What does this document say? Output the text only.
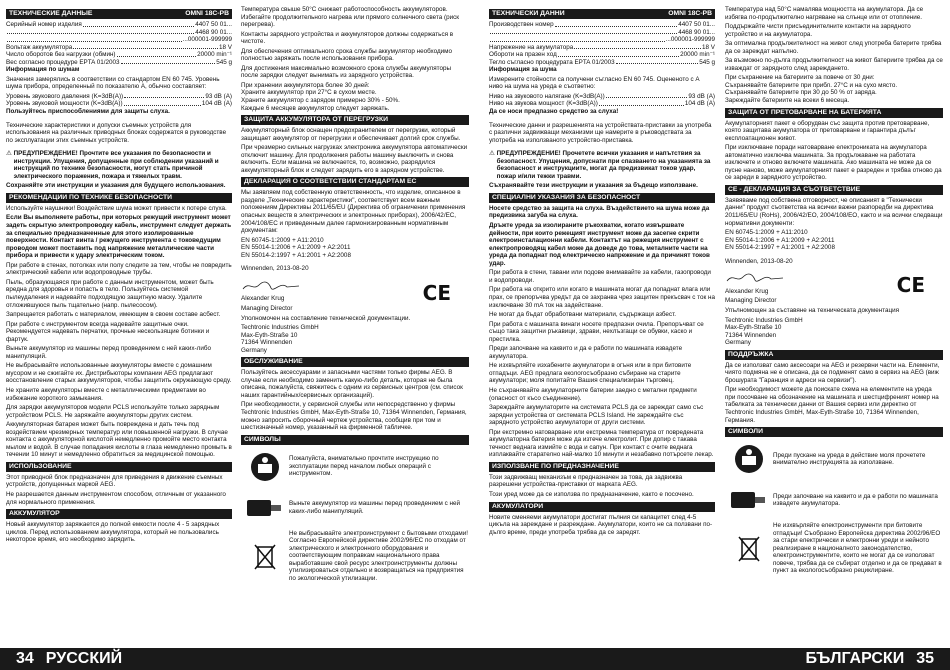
ТЕХНИЧЕСКИЕ ДАННЫЕ	OMNI 18C-PB
Серийный номер изделия	4407 50 01...
4468 90 01...
...000001-999999
Вольтаж аккумулятора	18 V
Число оборотов без нагрузки (обмин)	20000 min⁻¹
Вес согласно процедуре EPTA 01/2003	545 g

Информация по шумам

Значения замерялись в соответствии со стандартом EN 60 745. Уровень шума прибора, определенный по показателю А, обычно составляет:

Уровень звукового давления (K=3dB(A))	93 dB (A)
Уровень звуковой мощности (K=3dB(A))	104 dB (A)

Пользуйтесь приспособлениями для защиты слуха.

Технические характеристики и допуски съемных устройств для использования на различных приводных блоках содержатся в руководстве по эксплуатации этих съемных устройств.

⚠ ПРЕДУПРЕЖДЕНИЕ! Прочтите все указания по безопасности и инструкции. Упущения, допущенные при соблюдении указаний и инструкций по технике безопасности, могут стать причиной электрического поражения, пожара и тяжелых травм.

Сохраняйте эти инструкции и указания для будущего использования.

РЕКОМЕНДАЦИИ ПО ТЕХНИКЕ БЕЗОПАСНОСТИ

Используйте наушники! Воздействие шума может привести к потере слуха.

Если Вы выполняете работы, при которых режущий инструмент может задеть скрытую электропроводку кабель, инструмент следует держать за специально предназначенные для этого изолированные поверхности. Контакт винта / режущего инструмента с токоведущим проводом может поставить под напряжение металлические части прибора и привести к удару электрическим током.

При работе в стенах, потолках или полу следите за тем, чтобы не повредить электрический кабели или водопроводные трубы.

Пыль, образующаяся при работе с данным инструментом, может быть вредна для здоровья и попасть в тело. Пользуйтесь системой пылеудаления и надевайте подходящую защитную маску. Удалите отложившуюся пыль тщательно (напр. пылесосом).

Запрещается работать с материалом, имеющим в своем составе асбест.

При работе с инструментом всегда надевайте защитные очки. Рекомендуется надевать перчатки, прочные нескользящие ботинки и фартук.

Выньте аккумулятор из машины перед проведением с ней каких-либо манипуляций.

Не выбрасывайте использованные аккумуляторы вместе с домашним мусором и не сжигайте их. Дистрибьюторы компании AEG предлагают восстановление старых аккумуляторов, чтобы защитить окружающую среду.

Не храните аккумуляторы вместе с металлическими предметами во избежание короткого замыкания.

Для зарядки аккумуляторов модели PCLS используйте только зарядным устройством PCLS. Не заряжайте аккумуляторы других систем.

Аккумуляторная батарея может быть повреждена и дать течь под воздействием чрезмерных температур или повышенной нагрузки. В случае контакта с аккумуляторной кислотой немедленно промойте место контакта мылом и водой. В случае попадания кислоты в глаза немедленно промыть в течении 10 минут и немедленно обратиться за медицинской помощью.

ИСПОЛЬЗОВАНИЕ

Этот приводной блок предназначен для приведения в движение съемных устройств, допущенных маркой AEG.

Не разрешается данным инструментом способом, отличным от указанного для нормального применения.

АККУМУЛЯТОР

Новый аккумулятор заряжается до полной емкости после 4 - 5 зарядных циклов. Перед использованием аккумулятора, который не пользовались некоторое время, его необходимо зарядить.

Температура свыше 50°C снижает работоспособность аккумуляторов. Избегайте продолжительного нагрева или прямого солнечного света (риск перегрева).

Контакты зарядного устройства и аккумуляторов должны содержаться в чистоте.

Для обеспечения оптимального срока службы аккумулятор необходимо полностью заряжать после использования прибора.

Для достижения максимально возможного срока службы аккумуляторы после зарядки следует вынимать из зарядного устройства.

При хранении аккумулятора более 30 дней:
Храните аккумулятор при 27°C в сухом месте.
Храните аккумулятор с зарядом примерно 30% - 50%.
Каждые 6 месяцев аккумулятор следует заряжать.

ЗАЩИТА АККУМУЛЯТОРА ОТ ПЕРЕГРУЗКИ

Аккумуляторный блок оснащен предохранителем от перегрузки, который защищает аккумулятор от перегрузки и обеспечивает долгий срок службы.

При чрезмерно сильных нагрузках электроника аккумулятора автоматически отключит машину. Для продолжения работы машину выключить и снова включить. Если машина не включается, то, возможно, разрядился аккумуляторный блок и следует зарядить его в зарядном устройстве.

ДЕКЛАРАЦИЯ О СООТВЕТСТВИИ СТАНДАРТАМ ЕС

Мы заявляем под собственную ответственность, что изделие, описанное в разделе „Технические характеристики", соответствует всем важным положениям Директивы 2011/65/EU (Директива об ограничении применения опасных веществ в электрических и электронных приборах), 2006/42/EC, 2004/108/EC и приведенным далее гармонизированным нормативным документам:

EN 60745-1:2009 + A11:2010
EN 55014-1:2006 + A1:2009 + A2:2011
EN 55014-2:1997 + A1:2001 + A2:2008

Winnenden, 2013-08-20

Alexander Krug

Managing Director

CE

Уполномочен на составление технической документации.

Techtronic Industries GmbH
Max-Eyth-Straße 10
71364 Winnenden
Germany

ОБСЛУЖИВАНИЕ

Пользуйтесь аксессуарами и запасными частями только фирмы AEG. В случае если необходимо заменить какую-либо деталь, которая не была описана, пожалуйста, свяжитесь с одним из сервисных центров (см. список наших гарантийных/сервисных организаций).

При необходимости, у сервисной службы или непосредственно у фирмы Techtronic Industries GmbH, Max-Eyth-Straße 10, 71364 Winnenden, Германия, можно запросить сборочный чертеж устройства, сообщив при том и шестизначный номер, указанный на фирменной табличке.

СИМВОЛЫ
Пожалуйста, внимательно прочтите инструкцию по эксплуатации перед началом любых операций с инструментом.
Выньте аккумулятор из машины перед проведением с ней каких-либо манипуляций.
Не выбрасывайте электроинструмент с бытовыми отходами! Согласно Европейской директиве 2002/96/EC по отходам от электрического и электронного оборудования и соответствующим поправкам национального права выработавшие свой ресурс электроинструменты должны утилизироваться отдельно и возвращаться на предприятия по экологической утилизации.
34 РУССКИЙ
ТЕХНИЧЕСКИ ДАННИ	OMNI 18C-PB
Производствен номер	4407 50 01...
4468 90 01...
...000001-999999
Напрежение на акумулатора	18 V
Обороти на празен ход	20000 min⁻¹
Тегло съгласно процедурата EPTA 01/2003	545 g

Информация за шума

Измерените стойности са получени съгласно EN 60 745. Оцененото с А ниво на шума на уреда е съответно:

Ниво на звуковото налягане (K=3dB(A))	93 dB (A)
Ниво на звукова мощност (K=3dB(A))	104 dB (A)

Да се носи предпазно средство за слуха!

Технические данни и разрешенията на устройствата-приставки за употреба с различни задвижващи механизми ще намерите в ръководствата за употреба на използваното устройство-приставка.

⚠ ПРЕДУПРЕЖДЕНИЕ! Прочетете всички указания и напътствия за безопасност. Упущения, допуснати при спазването на указанията за безопасност и инструкциите, могат да предизвикат токов удар, пожар и/или тежки травми.

Съхранявайте тези инструкции и указания за бъдещо използване.

СПЕЦИАЛНИ УКАЗАНИЯ ЗА БЕЗОПАСНОСТ

Носете средство за защита на слуха. Въздействието на шума може да предизвика загуба на слуха.

Дръжте уреда за изолираните ръкохватки, когато извършвате дейности, при които режещият инструмент може да засегне скрити електроинсталационни кабели. Контактът на режещия инструмент с електропроводящ кабел може да доведе до това, металните части на уреда да попаднат под електрическо напрежение и да причинят токов удар.

При работа в стени, тавани или подове внимавайте за кабели, газопроводи и водопроводи.

При работа на открито или когато в машината могат да попаднат влага или прах, се препоръчва уредът да се захранва чрез защитен прекъсвач с ток на изключване 30 mA ток на задействане.

Не могат да бъдат обработвани материали, съдържащи азбест.

При работа с машината винаги носете предпазни очила. Препоръчват се също така защитни ръкавици, здрави, нехлъзгащи се обувки, каско и престилка.

Преди започване на каквито и да е работи по машината извадете акумулатора.

Не изхвърляйте изхабените акумулатори в огъня или в при битовите отпадъци. AEG предлага екологосъобразно събиране на старите акумулатори; моля попитайте Вашия специализиран търговец.

Не съхранявайте акумулаторните батерии заедно с метални предмети (опасност от късо съединение).

Зареждайте акумулаторите на системата PCLS да се зареждат само със зарядни устройства от системата PCLS Island. Не зареждайте със зарядното устройство акумулатори от други системи.

При екстремно натоварване или екстремна температура от повредената акумулаторна батерия може да изтече електролит. При допир с такава течност веднага измийте с вода и сапун. При контакт с очите веднага изплаквайте старателно най-малко 10 минути и незабавно потърсете лекар.

ИЗПОЛЗВАНЕ ПО ПРЕДНАЗНАЧЕНИЕ

Този задвижващ механизъм е предназначен за това, да задвижва разрешени устройства-приставки от марката AEG.

Този уред може да се използва по предназначение, както е посочено.

АКУМУЛАТОРИ

Новите сменяеми акумулатори достигат пълния си капацитет след 4-5 цикъла на зареждане и разреждане. Акумулатори, които не са ползвани по-дълго време, преди употреба трябва да се заредят.

Температура над 50°C намалява мощността на акумулатора. Да се избягва по-продължително нагряване на слънце или от отопление.

Поддържайте чисти присъединителните контакти на зарядното устройство и на акумулатора.

За оптимална продължителност на живот след употреба батерите трябва да се зареждат напълно.

За възможно по-дълга продължителност на живот батериите трябва да се изваждат от зарядното след зареждането.

При съхранение на батериите за повече от 30 дни:
Съхранявайте батериите при прибл. 27°C и на сухо място.
Съхранявайте батериите при 30 до 50 % от заряда.
Зареждайте батериите на всеки 6 месеца.

ЗАЩИТА ОТ ПРЕТОВАРВАНЕ НА БАТЕРИЯТА

Акумулаторният пакет е оборудван със защита против претоварване, която защитава акумулатора от претоварване и гарантира дълъг експлоатационен живот.

При изключване поради натоварване електрониката на акумулатора автоматично изключва машината. За продължаване на работата изключете и отново включете машината. Ако машината не може да се пусне наново, може акумулаторният пакет е разреден и трябва отново да се зареди в зарядното устройство.

СЕ - ДЕКЛАРАЦИЯ ЗА СЪОТВЕТСТВИЕ

Заявяваме под собствена отговорност, че описаният в "Технически данни" продукт съответства на всички важни разпоредби на директива 2011/65/EU (RoHs), 2006/42/EO, 2004/108/EO, както и на всички следващи нормативни документи:

EN 60745-1:2009 + A11:2010
EN 55014-1:2006 + A1:2009 + A2:2011
EN 55014-2:1997 + A1:2001 + A2:2008

Winnenden, 2013-08-20

Alexander Krug

Managing Director

CE

Упълномощен за съставяне на техническата документация

Techtronic Industries GmbH
Max-Eyth-Straße 10
71364 Winnenden
Germany

ПОДДРЪЖКА

Да се използват само аксесоари на AEG и резервни части на. Елементи, чиято подмяна не е описана, да се подменят само в сервиз на AEG (виж брошурата "Гаранция и адреси на сервизи").

При необходимост можете да поискате схема на елементите на уреда при посочване на обозначение на машината и шестцифреният номер на табелката за технически данни от Вашия сервиз или директно от Techtronic Industries GmbH, Max-Eyth-Straße 10, 71364 Winnenden, Германия.

СИМВОЛИ
Преди пускане на уреда в действие моля прочетете внимателно инструкцията за използване.
Преди започване на каквито и да е работи по машината извадете акумулатора.
Не изхвърляйте електроинструменти при битовите отпадъци! Съобразно Европейска директива 2002/96/EO за стари електрически и електронни уреди и нейното реализиране в националното законодателство, електроинструментите, които не могат да се използват повече, трябва да се събират отделно и да се предават в пункт за екологосъобразно рециклиране.
БЪЛГАРСКИ 35
